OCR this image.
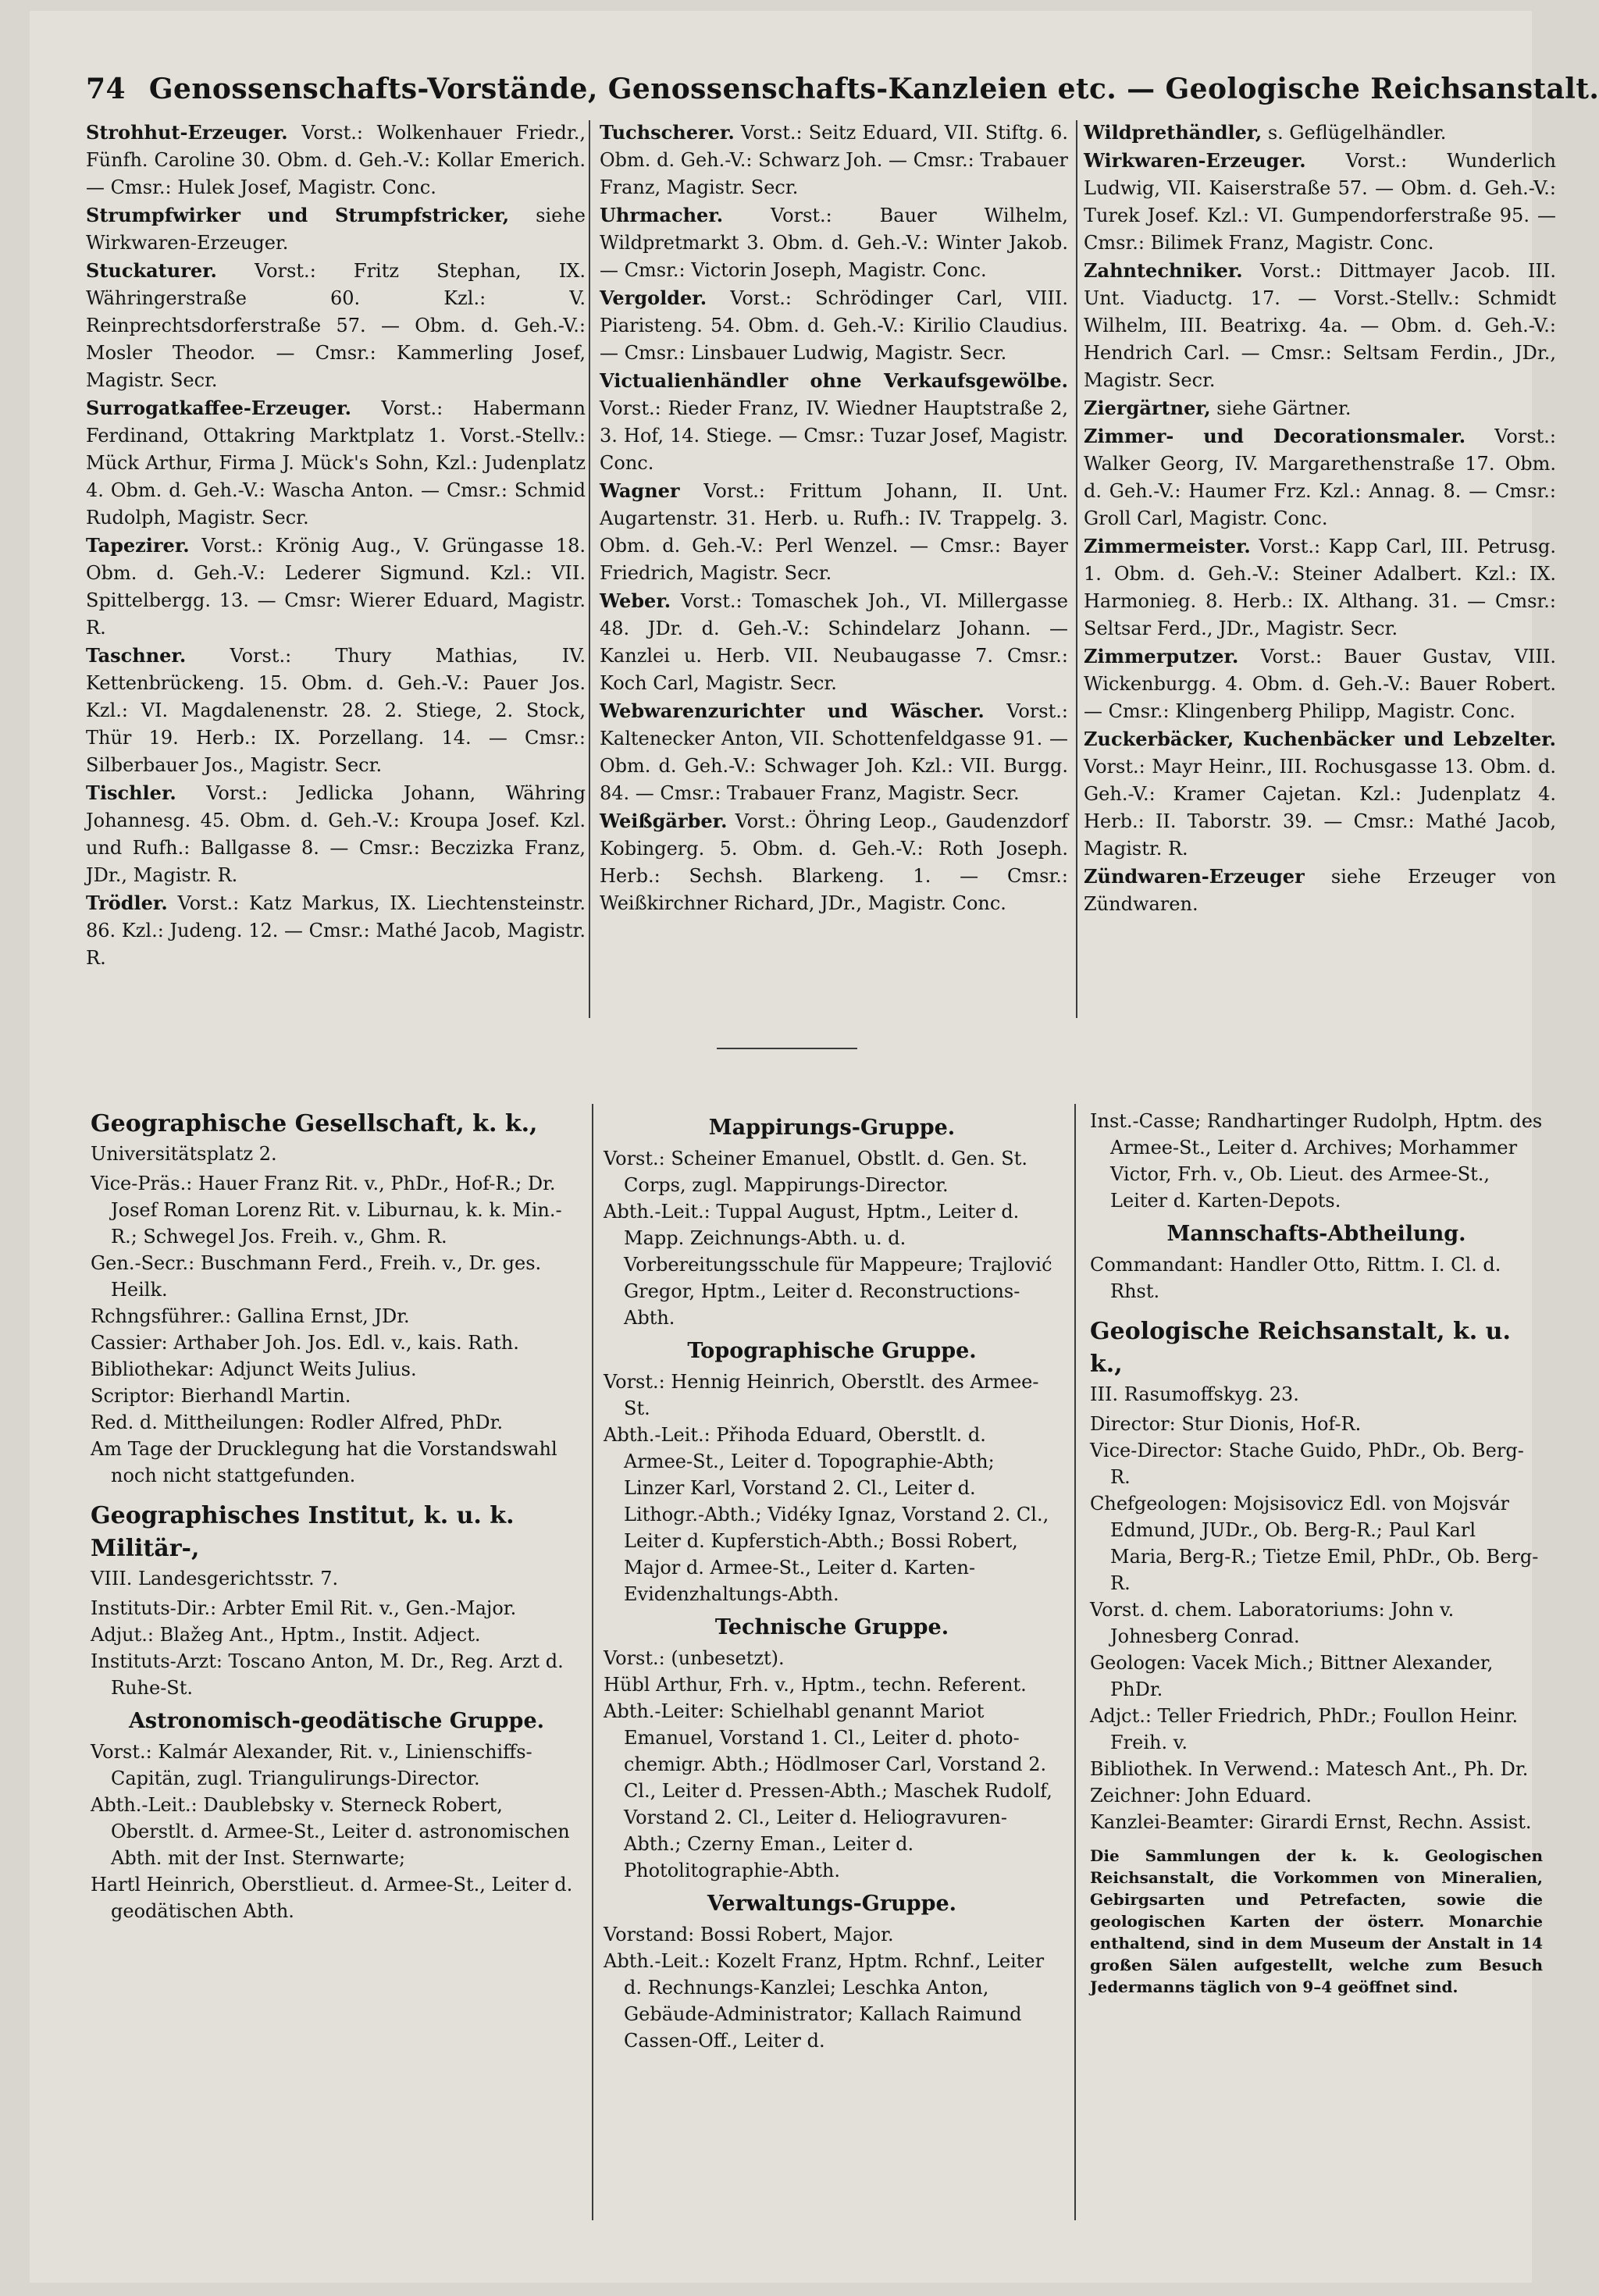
74 Genossenschafts-Vorstände, Genossenschafts-Kanzleien etc. — Geologische Reichsanstalt.

Strohhut-Erzeuger. Vorst.: Wolkenhauer Friedr., Fünfh. Caroline 30. Obm. d. Geh.-V.: Kollar Emerich. — Cmsr.: Hulek Josef, Magistr. Conc.

Strumpfwirker und Strumpfstricker, siehe Wirkwaren-Erzeuger.

Stuckaturer. Vorst.: Fritz Stephan, IX. Währingerstraße 60. Kzl.: V. Reinprechtsdorferstraße 57. — Obm. d. Geh.-V.: Mosler Theodor. — Cmsr.: Kammerling Josef, Magistr. Secr.

Surrogatkaffee-Erzeuger. Vorst.: Habermann Ferdinand, Ottakring Marktplatz 1. Vorst.-Stellv.: Mück Arthur, Firma J. Mück's Sohn, Kzl.: Judenplatz 4. Obm. d. Geh.-V.: Wascha Anton. — Cmsr.: Schmid Rudolph, Magistr. Secr.

Tapezirer. Vorst.: Krönig Aug., V. Grüngasse 18. Obm. d. Geh.-V.: Lederer Sigmund. Kzl.: VII. Spittelbergg. 13. — Cmsr: Wierer Eduard, Magistr. R.

Taschner. Vorst.: Thury Mathias, IV. Kettenbrückeng. 15. Obm. d. Geh.-V.: Pauer Jos. Kzl.: VI. Magdalenenstr. 28. 2. Stiege, 2. Stock, Thür 19. Herb.: IX. Porzellang. 14. — Cmsr.: Silberbauer Jos., Magistr. Secr.

Tischler. Vorst.: Jedlicka Johann, Währing Johannesg. 45. Obm. d. Geh.-V.: Kroupa Josef. Kzl. und Rufh.: Ballgasse 8. — Cmsr.: Beczizka Franz, JDr., Magistr. R.

Trödler. Vorst.: Katz Markus, IX. Liechtensteinstr. 86. Kzl.: Judeng. 12. — Cmsr.: Mathé Jacob, Magistr. R.

Tuchscherer. Vorst.: Seitz Eduard, VII. Stiftg. 6. Obm. d. Geh.-V.: Schwarz Joh. — Cmsr.: Trabauer Franz, Magistr. Secr.

Uhrmacher.	Vorst.: Bauer Wilhelm, Wildpretmarkt 3. Obm. d. Geh.-V.: Winter Jakob. — Cmsr.: Victorin Joseph, Magistr. Conc.

Vergolder. Vorst.: Schrödinger Carl, VIII. Piaristeng. 54. Obm. d. Geh.-V.: Kirilio Claudius. — Cmsr.: Linsbauer Ludwig, Magistr. Secr.

Victualienhändler ohne Verkaufsgewölbe. Vorst.: Rieder Franz, IV. Wiedner Hauptstraße 2, 3. Hof, 14. Stiege. — Cmsr.: Tuzar Josef, Magistr. Conc.

Wagner Vorst.: Frittum Johann, II. Unt. Augartenstr. 31. Herb. u. Rufh.: IV. Trappelg. 3. Obm. d. Geh.-V.: Perl Wenzel. — Cmsr.: Bayer Friedrich, Magistr. Secr.

Weber. Vorst.: Tomaschek Joh., VI. Millergasse 48. JDr. d. Geh.-V.: Schindelarz Johann. — Kanzlei u. Herb. VII. Neubaugasse 7. Cmsr.: Koch Carl, Magistr. Secr.

Webwarenzurichter und Wäscher. Vorst.: Kaltenecker Anton, VII. Schottenfeldgasse 91. — Obm. d. Geh.-V.: Schwager Joh. Kzl.: VII. Burgg. 84. — Cmsr.: Trabauer Franz, Magistr. Secr.

Weißgärber. Vorst.: Öhring Leop., Gaudenzdorf Kobingerg. 5. Obm. d. Geh.-V.: Roth Joseph. Herb.: Sechsh. Blarkeng. 1. — Cmsr.: Weißkirchner Richard, JDr., Magistr. Conc.

Wildprethändler, s. Geflügelhändler.

Wirkwaren-Erzeuger. Vorst.: Wunderlich Ludwig, VII. Kaiserstraße 57. — Obm. d. Geh.-V.: Turek Josef. Kzl.: VI. Gumpendorferstraße 95. — Cmsr.: Bilimek Franz, Magistr. Conc.

Zahntechniker. Vorst.: Dittmayer Jacob. III. Unt. Viaductg. 17. — Vorst.-Stellv.: Schmidt Wilhelm, III. Beatrixg. 4a. — Obm. d. Geh.-V.: Hendrich Carl. — Cmsr.: Seltsam Ferdin., JDr., Magistr. Secr.

Ziergärtner, siehe Gärtner.

Zimmer- und Decorationsmaler. Vorst.: Walker Georg, IV. Margarethenstraße 17. Obm. d. Geh.-V.: Haumer Frz. Kzl.: Annag. 8. — Cmsr.: Groll Carl, Magistr. Conc.

Zimmermeister. Vorst.: Kapp Carl, III. Petrusg. 1. Obm. d. Geh.-V.: Steiner Adalbert. Kzl.: IX. Harmonieg. 8. Herb.: IX. Althang. 31. — Cmsr.: Seltsar Ferd., JDr., Magistr. Secr.

Zimmerputzer. Vorst.: Bauer Gustav, VIII. Wickenburgg. 4. Obm. d. Geh.-V.: Bauer Robert. — Cmsr.: Klingenberg Philipp, Magistr. Conc.

Zuckerbäcker, Kuchenbäcker und Lebzelter. Vorst.: Mayr Heinr., III. Rochusgasse 13. Obm. d. Geh.-V.: Kramer Cajetan. Kzl.: Judenplatz 4. Herb.: II. Taborstr. 39. — Cmsr.: Mathé Jacob, Magistr. R.

Zündwaren-Erzeuger siehe Erzeuger von Zündwaren.

Geographische Gesellschaft, k. k.,

Universitätsplatz 2.

Vice-Präs.: Hauer Franz Rit. v., PhDr., Hof-R.; Dr. Josef Roman Lorenz Rit. v. Liburnau, k. k. Min.-R.; Schwegel Jos. Freih. v., Ghm. R.

Gen.-Secr.: Buschmann Ferd., Freih. v., Dr. ges. Heilk.

Rchngsführer.: Gallina Ernst, JDr.

Cassier: Arthaber Joh. Jos. Edl. v., kais. Rath.

Bibliothekar: Adjunct Weits Julius.

Scriptor: Bierhandl Martin.

Red. d. Mittheilungen: Rodler Alfred, PhDr.

Am Tage der Drucklegung hat die Vorstandswahl noch nicht stattgefunden.

Geographisches Institut, k. u. k. Militär-,

VIII. Landesgerichtsstr. 7.

Instituts-Dir.: Arbter Emil Rit. v., Gen.-Major.

Adjut.: Blažeg Ant., Hptm., Instit. Adject.

Instituts-Arzt: Toscano Anton, M. Dr., Reg. Arzt d. Ruhe-St.

Astronomisch-geodätische Gruppe.

Vorst.: Kalmár Alexander, Rit. v., Linienschiffs-Capitän, zugl. Triangulirungs-Director.

Abth.-Leit.: Daublebsky v. Sterneck Robert, Oberstlt. d. Armee-St., Leiter d. astronomischen Abth. mit der Inst. Sternwarte;

Hartl Heinrich, Oberstlieut. d. Armee-St., Leiter d. geodätischen Abth.

Mappirungs-Gruppe.

Vorst.: Scheiner Emanuel, Obstlt. d. Gen. St. Corps, zugl. Mappirungs-Director.

Abth.-Leit.: Tuppal August, Hptm., Leiter d. Mapp. Zeichnungs-Abth. u. d. Vorbereitungsschule für Mappeure; Trajlović Gregor, Hptm., Leiter d. Reconstructions-Abth.

Topographische Gruppe.

Vorst.: Hennig Heinrich, Oberstlt. des Armee-St.

Abth.-Leit.: Přihoda Eduard, Oberstlt. d. Armee-St., Leiter d. Topographie-Abth; Linzer Karl, Vorstand 2. Cl., Leiter d. Lithogr.-Abth.; Vidéky Ignaz, Vorstand 2. Cl., Leiter d. Kupferstich-Abth.; Bossi Robert, Major d. Armee-St., Leiter d. Karten-Evidenzhaltungs-Abth.

Technische Gruppe.

Vorst.: (unbesetzt).

Hübl Arthur, Frh. v., Hptm., techn. Referent.

Abth.-Leiter: Schielhabl genannt Mariot Emanuel, Vorstand 1. Cl., Leiter d. photo-chemigr. Abth.; Hödlmoser Carl, Vorstand 2. Cl., Leiter d. Pressen-Abth.; Maschek Rudolf, Vorstand 2. Cl., Leiter d. Heliogravuren-Abth.; Czerny Eman., Leiter d. Photolitographie-Abth.

Verwaltungs-Gruppe.

Vorstand: Bossi Robert, Major.

Abth.-Leit.: Kozelt Franz, Hptm. Rchnf., Leiter d. Rechnungs-Kanzlei; Leschka Anton, Gebäude-Administrator; Kallach Raimund Cassen-Off., Leiter d.

Inst.-Casse; Randhartinger Rudolph, Hptm. des Armee-St., Leiter d. Archives; Morhammer Victor, Frh. v., Ob. Lieut. des Armee-St., Leiter d. Karten-Depots.

Mannschafts-Abtheilung.

Commandant: Handler Otto, Rittm. I. Cl. d. Rhst.

Geologische Reichsanstalt, k. u. k.,

III. Rasumoffskyg. 23.

Director: Stur Dionis, Hof-R.

Vice-Director: Stache Guido, PhDr., Ob. Berg-R.

Chefgeologen: Mojsisovicz Edl. von Mojsvár Edmund, JUDr., Ob. Berg-R.; Paul Karl Maria, Berg-R.; Tietze Emil, PhDr., Ob. Berg-R.

Vorst. d. chem. Laboratoriums: John v. Johnesberg Conrad.

Geologen: Vacek Mich.; Bittner Alexander, PhDr.

Adjct.: Teller Friedrich, PhDr.; Foullon Heinr. Freih. v.

Bibliothek. In Verwend.: Matesch Ant., Ph. Dr.

Zeichner: John Eduard.

Kanzlei-Beamter: Girardi Ernst, Rechn. Assist.

Die Sammlungen der k. k. Geologischen Reichsanstalt, die Vorkommen von Mineralien, Gebirgsarten und Petrefacten, sowie die geologischen Karten der österr. Monarchie enthaltend, sind in dem Museum der Anstalt in 14 großen Sälen aufgestellt, welche zum Besuch Jedermanns täglich von 9–4 geöffnet sind.
